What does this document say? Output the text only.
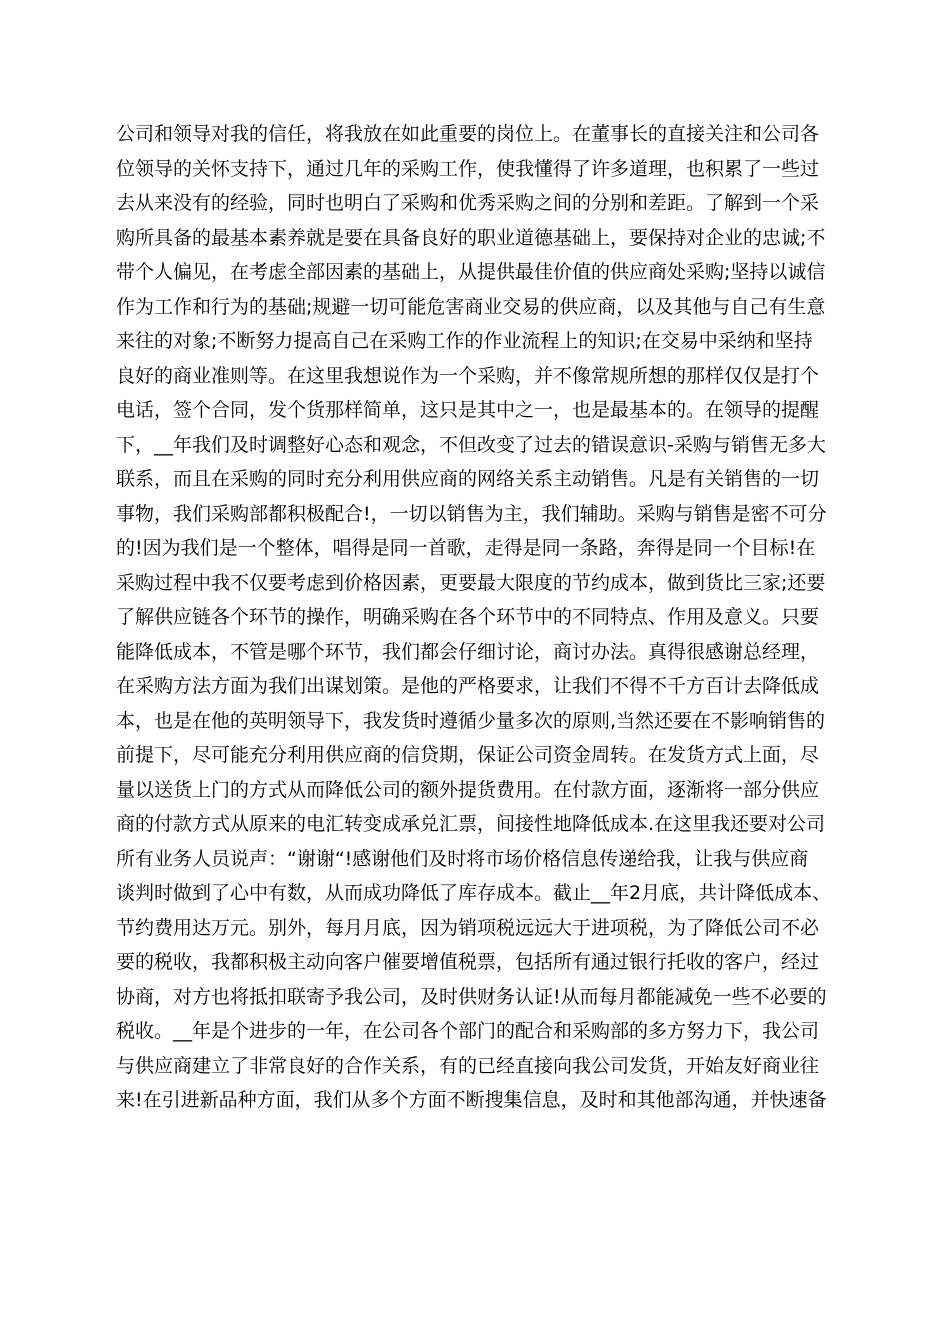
公司和领导对我的信任，将我放在如此重要的岗位上。在董事长的直接关注和公司各
位领导的关怀支持下，通过几年的采购工作，使我懂得了许多道理，也积累了一些过
去从来没有的经验，同时也明白了采购和优秀采购之间的分别和差距。了解到一个采
购所具备的最基本素养就是要在具备良好的职业道德基础上，要保持对企业的忠诚;不
带个人偏见，在考虑全部因素的基础上，从提供最佳价值的供应商处采购;坚持以诚信
作为工作和行为的基础;规避一切可能危害商业交易的供应商，以及其他与自己有生意
来往的对象;不断努力提高自己在采购工作的作业流程上的知识;在交易中采纳和坚持
良好的商业准则等。在这里我想说作为一个采购，并不像常规所想的那样仅仅是打个
电话，签个合同，发个货那样简单，这只是其中之一，也是最基本的。在领导的提醒
下，__年我们及时调整好心态和观念，不但改变了过去的错误意识-采购与销售无多大
联系，而且在采购的同时充分利用供应商的网络关系主动销售。凡是有关销售的一切
事物，我们采购部都积极配合!，一切以销售为主，我们辅助。采购与销售是密不可分
的!因为我们是一个整体，唱得是同一首歌，走得是同一条路，奔得是同一个目标!在
采购过程中我不仅要考虑到价格因素，更要最大限度的节约成本，做到货比三家;还要
了解供应链各个环节的操作，明确采购在各个环节中的不同特点、作用及意义。只要
能降低成本，不管是哪个环节，我们都会仔细讨论，商讨办法。真得很感谢总经理，
在采购方法方面为我们出谋划策。是他的严格要求，让我们不得不千方百计去降低成
本，也是在他的英明领导下，我发货时遵循少量多次的原则,当然还要在不影响销售的
前提下，尽可能充分利用供应商的信贷期，保证公司资金周转。在发货方式上面，尽
量以送货上门的方式从而降低公司的额外提货费用。在付款方面，逐渐将一部分供应
商的付款方式从原来的电汇转变成承兑汇票，间接性地降低成本.在这里我还要对公司
所有业务人员说声：“谢谢“!感谢他们及时将市场价格信息传递给我，让我与供应商
谈判时做到了心中有数，从而成功降低了库存成本。截止__年2月底，共计降低成本、
节约费用达万元。别外，每月月底，因为销项税远远大于进项税，为了降低公司不必
要的税收，我都积极主动向客户催要增值税票，包括所有通过银行托收的客户，经过
协商，对方也将抵扣联寄予我公司，及时供财务认证!从而每月都能减免一些不必要的
税收。__年是个进步的一年，在公司各个部门的配合和采购部的多方努力下，我公司
与供应商建立了非常良好的合作关系，有的已经直接向我公司发货，开始友好商业往
来!在引进新品种方面，我们从多个方面不断搜集信息，及时和其他部沟通，并快速备
